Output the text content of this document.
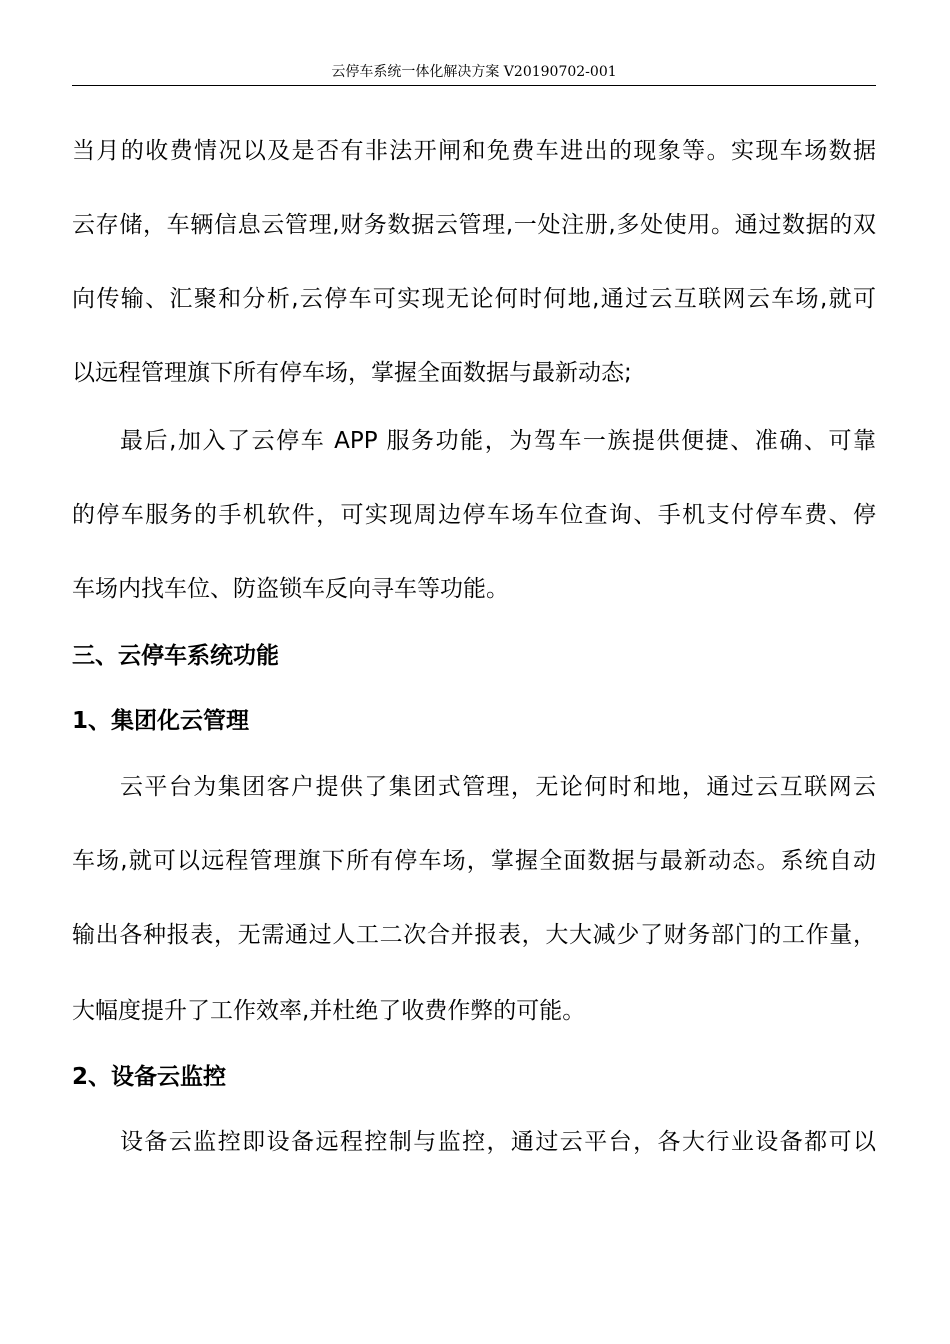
云停车系统一体化解决方案 V20190702-001
当月的收费情况以及是否有非法开闸和免费车进出的现象等。实现车场数据
云存储，车辆信息云管理,财务数据云管理,一处注册,多处使用。通过数据的双
向传输、汇聚和分析,云停车可实现无论何时何地,通过云互联网云车场,就可
以远程管理旗下所有停车场，掌握全面数据与最新动态;
最后,加入了云停车 APP 服务功能，为驾车一族提供便捷、准确、可靠
的停车服务的手机软件，可实现周边停车场车位查询、手机支付停车费、停
车场内找车位、防盗锁车反向寻车等功能。
三、云停车系统功能
1、集团化云管理
云平台为集团客户提供了集团式管理，无论何时和地，通过云互联网云
车场,就可以远程管理旗下所有停车场，掌握全面数据与最新动态。系统自动
输出各种报表，无需通过人工二次合并报表，大大减少了财务部门的工作量，
大幅度提升了工作效率,并杜绝了收费作弊的可能。
2、设备云监控
设备云监控即设备远程控制与监控，通过云平台，各大行业设备都可以
